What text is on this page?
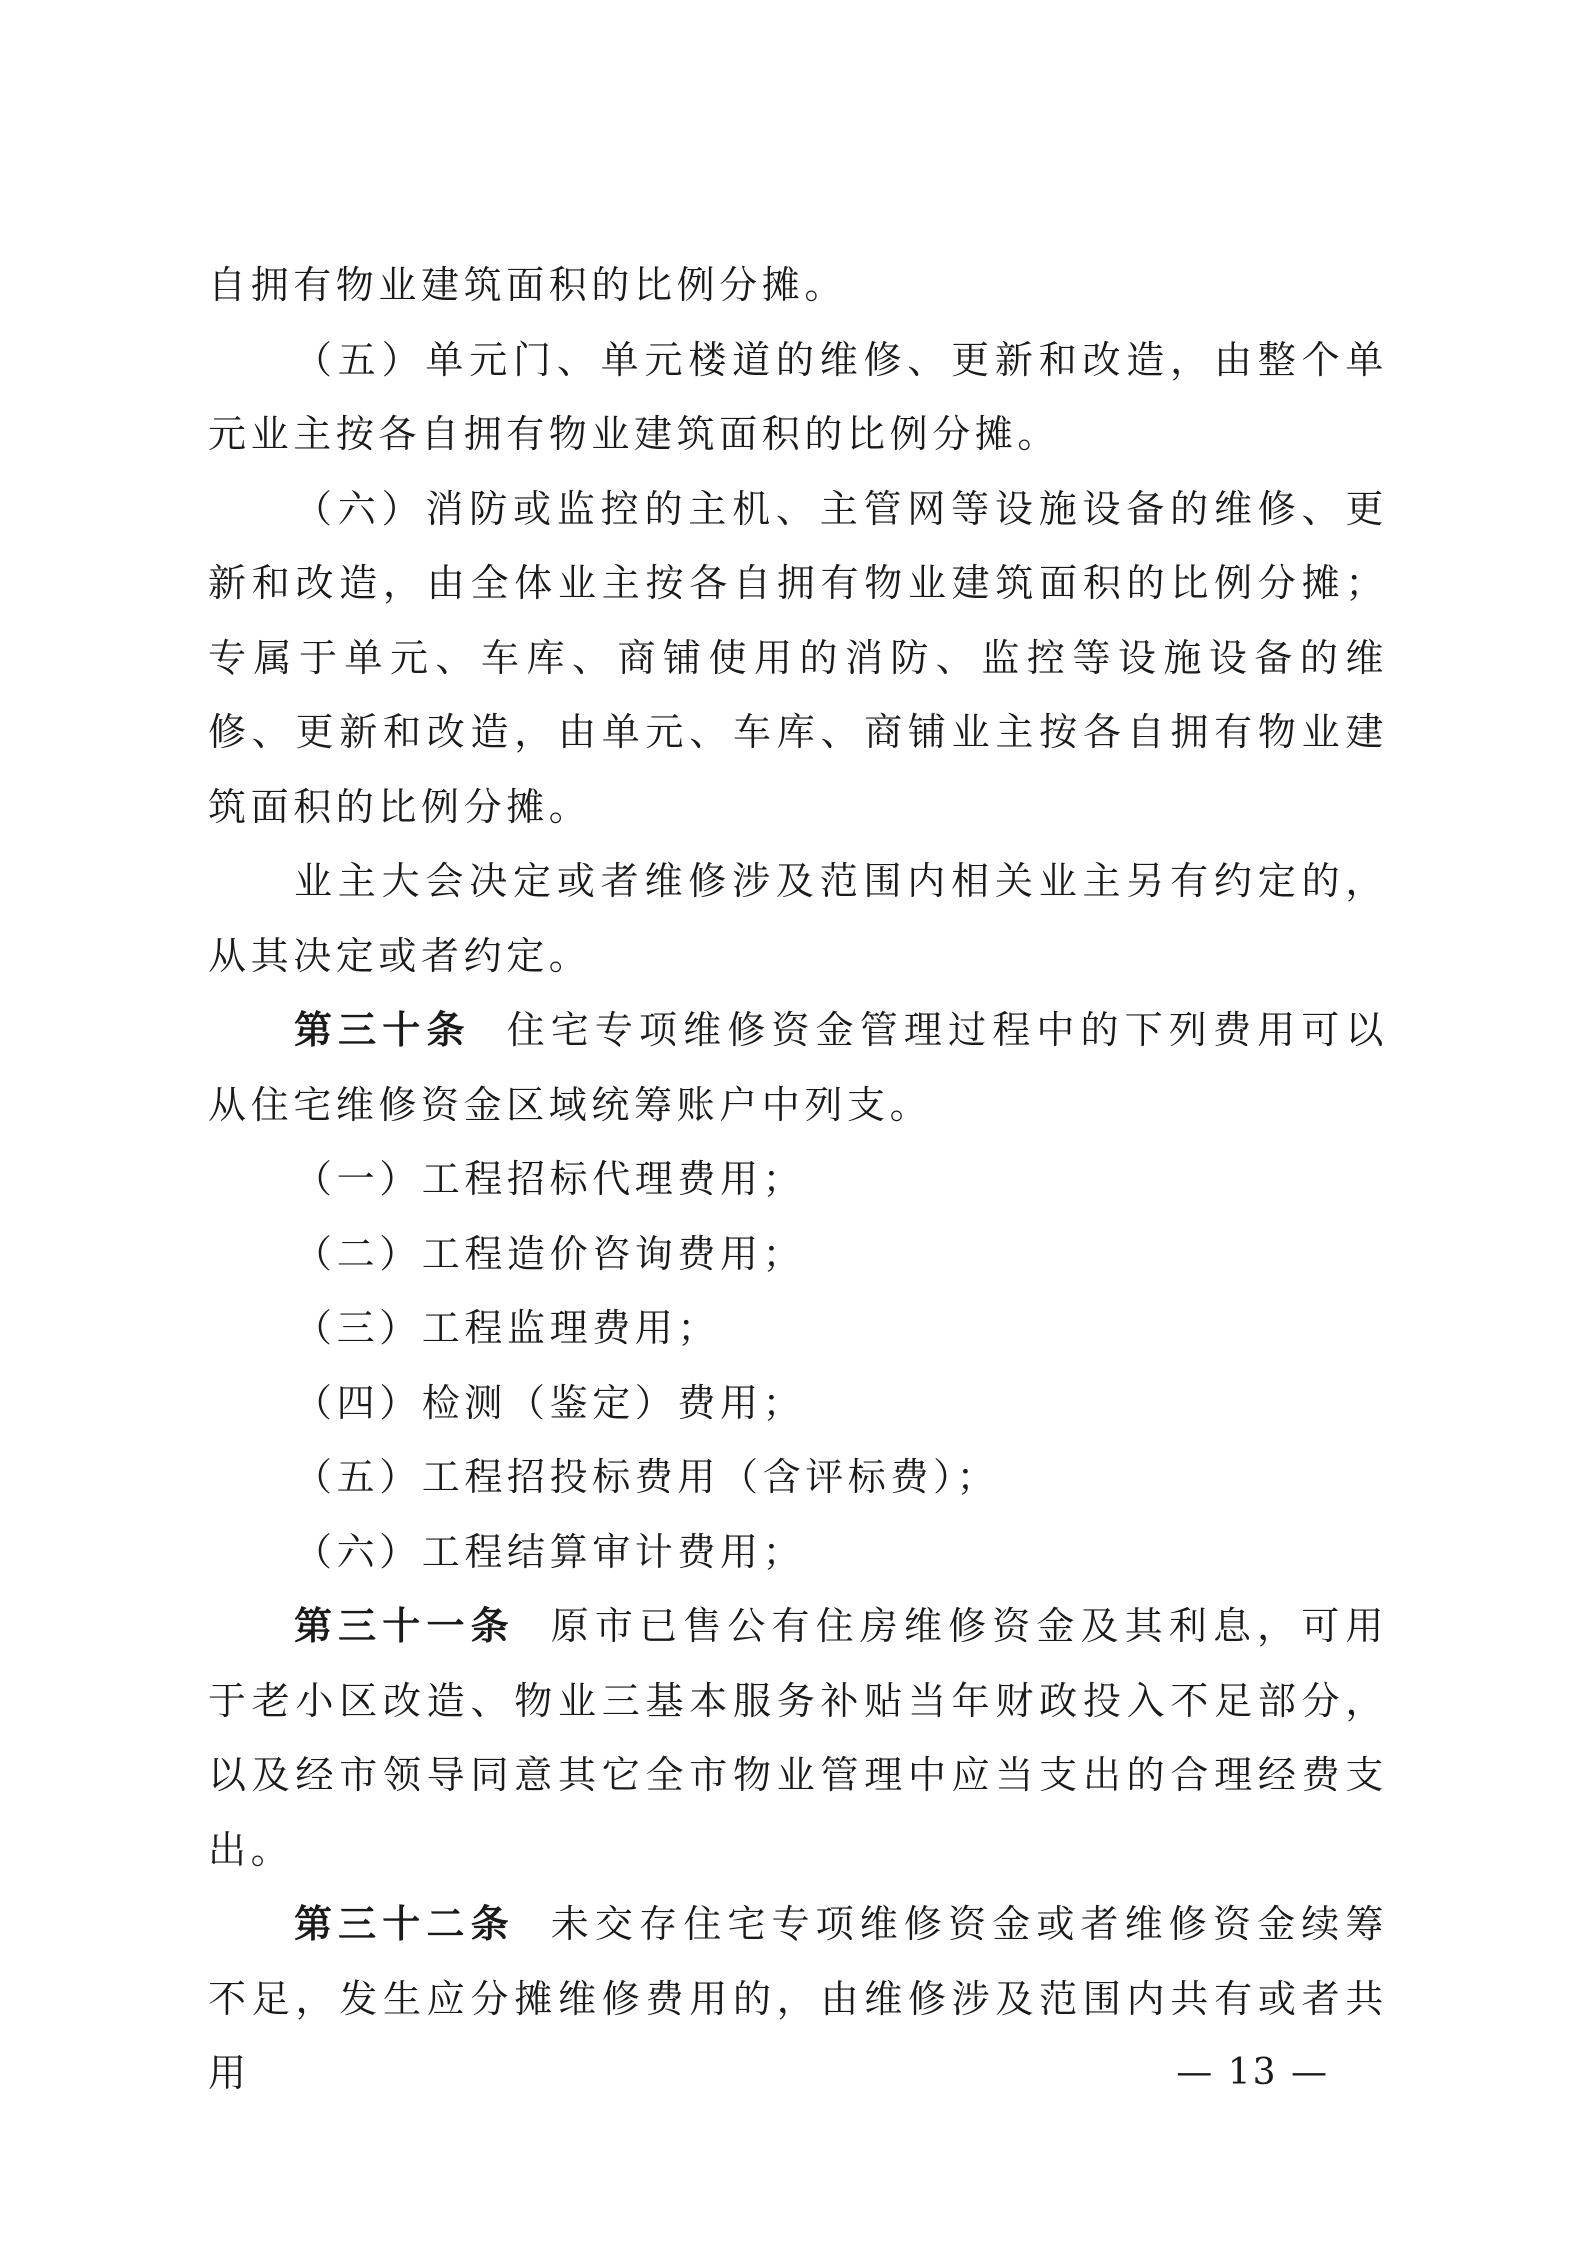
自拥有物业建筑面积的比例分摊。

（五）单元门、单元楼道的维修、更新和改造，由整个单元业主按各自拥有物业建筑面积的比例分摊。

（六）消防或监控的主机、主管网等设施设备的维修、更新和改造，由全体业主按各自拥有物业建筑面积的比例分摊；专属于单元、车库、商铺使用的消防、监控等设施设备的维修、更新和改造，由单元、车库、商铺业主按各自拥有物业建筑面积的比例分摊。

业主大会决定或者维修涉及范围内相关业主另有约定的，从其决定或者约定。

第三十条 住宅专项维修资金管理过程中的下列费用可以从住宅维修资金区域统筹账户中列支。

（一）工程招标代理费用；

（二）工程造价咨询费用；

（三）工程监理费用；

（四）检测（鉴定）费用；

（五）工程招投标费用（含评标费）；

（六）工程结算审计费用；

第三十一条 原市已售公有住房维修资金及其利息，可用于老小区改造、物业三基本服务补贴当年财政投入不足部分，以及经市领导同意其它全市物业管理中应当支出的合理经费支出。

第三十二条 未交存住宅专项维修资金或者维修资金续筹不足，发生应分摊维修费用的，由维修涉及范围内共有或者共用	— 13 —
